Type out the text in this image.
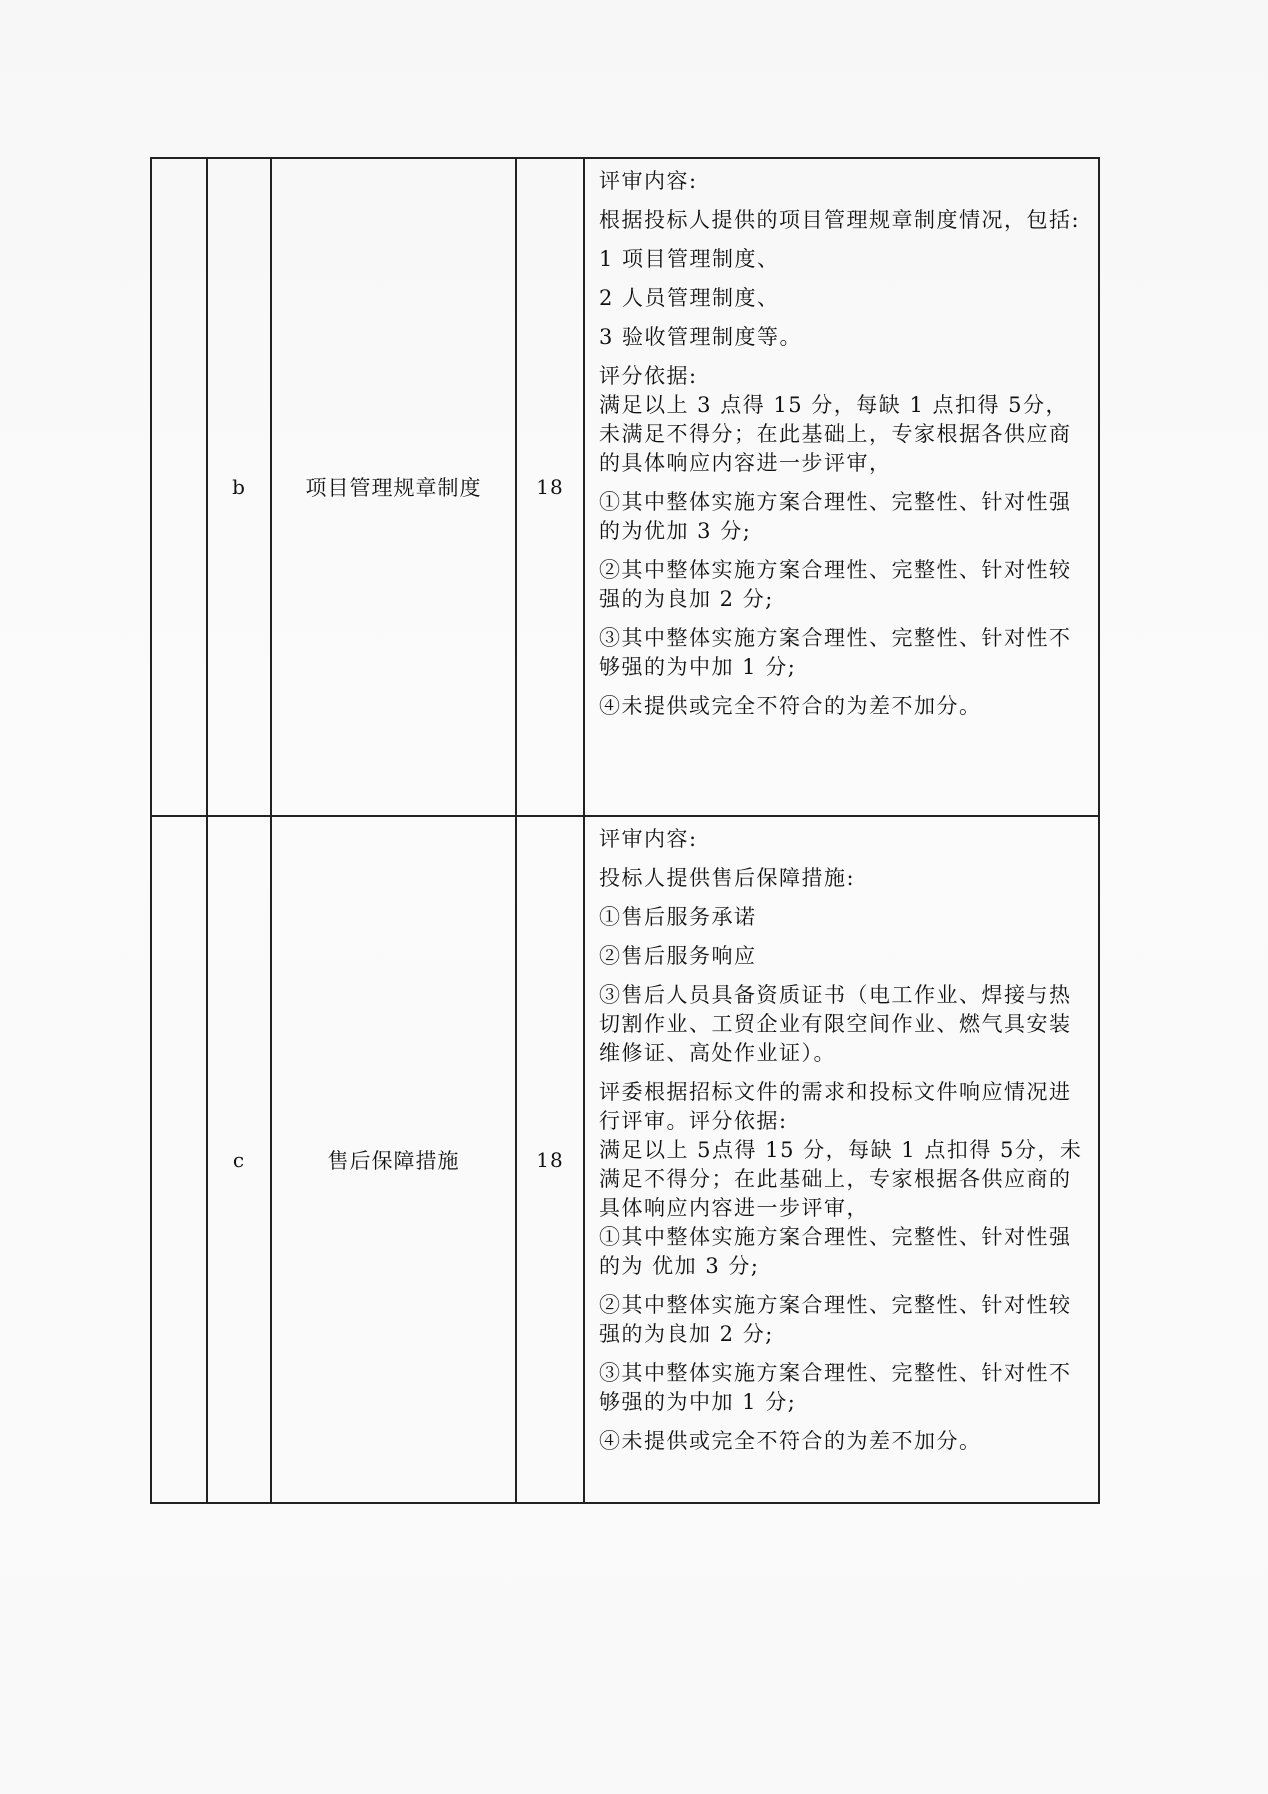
b	项目管理规章制度	18

评审内容:

根据投标人提供的项目管理规章制度情况，包括:

1 项目管理制度、

2 人员管理制度、

3 验收管理制度等。

评分依据:

满足以上 3 点得 15 分，每缺 1 点扣得 5分，未满足不得分；在此基础上，专家根据各供应商的具体响应内容进一步评审，

①其中整体实施方案合理性、完整性、针对性强的为优加 3 分;

②其中整体实施方案合理性、完整性、针对性较强的为良加 2 分;

③其中整体实施方案合理性、完整性、针对性不够强的为中加 1 分;

④未提供或完全不符合的为差不加分。

c	售后保障措施	18

评审内容:

投标人提供售后保障措施:

①售后服务承诺

②售后服务响应

③售后人员具备资质证书（电工作业、焊接与热切割作业、工贸企业有限空间作业、燃气具安装维修证、高处作业证）。

评委根据招标文件的需求和投标文件响应情况进行评审。评分依据:

满足以上 5点得 15 分，每缺 1 点扣得 5分，未满足不得分；在此基础上，专家根据各供应商的具体响应内容进一步评审，

①其中整体实施方案合理性、完整性、针对性强的为 优加 3 分;

②其中整体实施方案合理性、完整性、针对性较强的为良加 2 分;

③其中整体实施方案合理性、完整性、针对性不够强的为中加 1 分;

④未提供或完全不符合的为差不加分。
